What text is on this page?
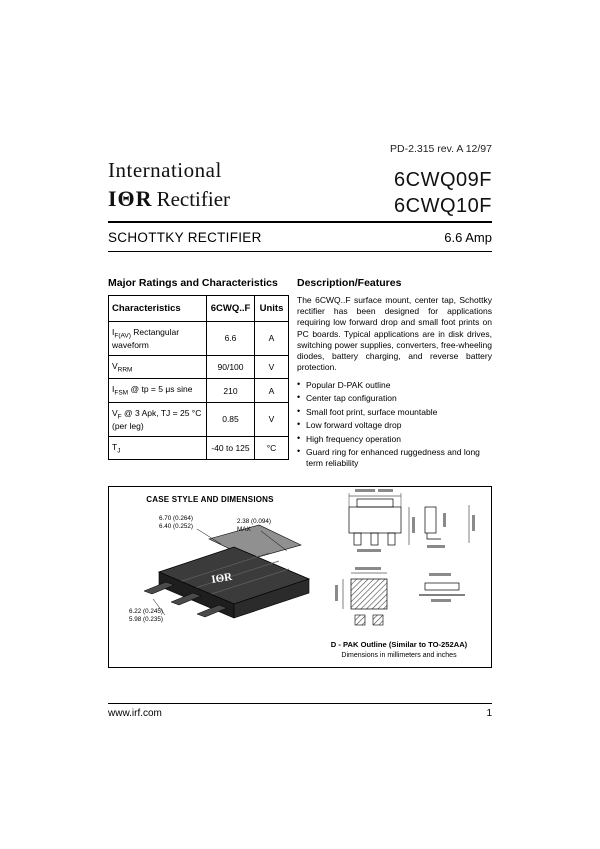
PD-2.315 rev. A 12/97
International
IΘR Rectifier
6CWQ09F
6CWQ10F
SCHOTTKY RECTIFIER	6.6 Amp
Major Ratings and Characteristics
Characteristics	6CWQ..F	Units
$I_{F(AV)}$ Rectangular waveform	6.6	A
$V_{RRM}$	90/100	V
$I_{FSM}$ @ tp = 5 μs sine	210	A
$V_F$ @ 3 Apk, TJ = 25 °C (per leg)	0.85	V
$T_J$	-40 to 125	°C
Description/Features
The 6CWQ..F surface mount, center tap, Schottky rectifier has been designed for applications requiring low forward drop and small foot prints on PC boards. Typical applications are in disk drives, switching power supplies, converters, free-wheeling diodes, battery charging, and reverse battery protection.
• Popular D-PAK outline
• Center tap configuration
• Small foot print, surface mountable
• Low forward voltage drop
• High frequency operation
• Guard ring for enhanced ruggedness and long term reliability
IΘR
CASE STYLE AND DIMENSIONS
6.70 (0.264)
6.40 (0.252)
2.38 (0.094)
MAX
6.22 (0.245)
5.98 (0.235)
D - PAK Outline (Similar to TO-252AA)
Dimensions in millimeters and inches
www.irf.com	1
